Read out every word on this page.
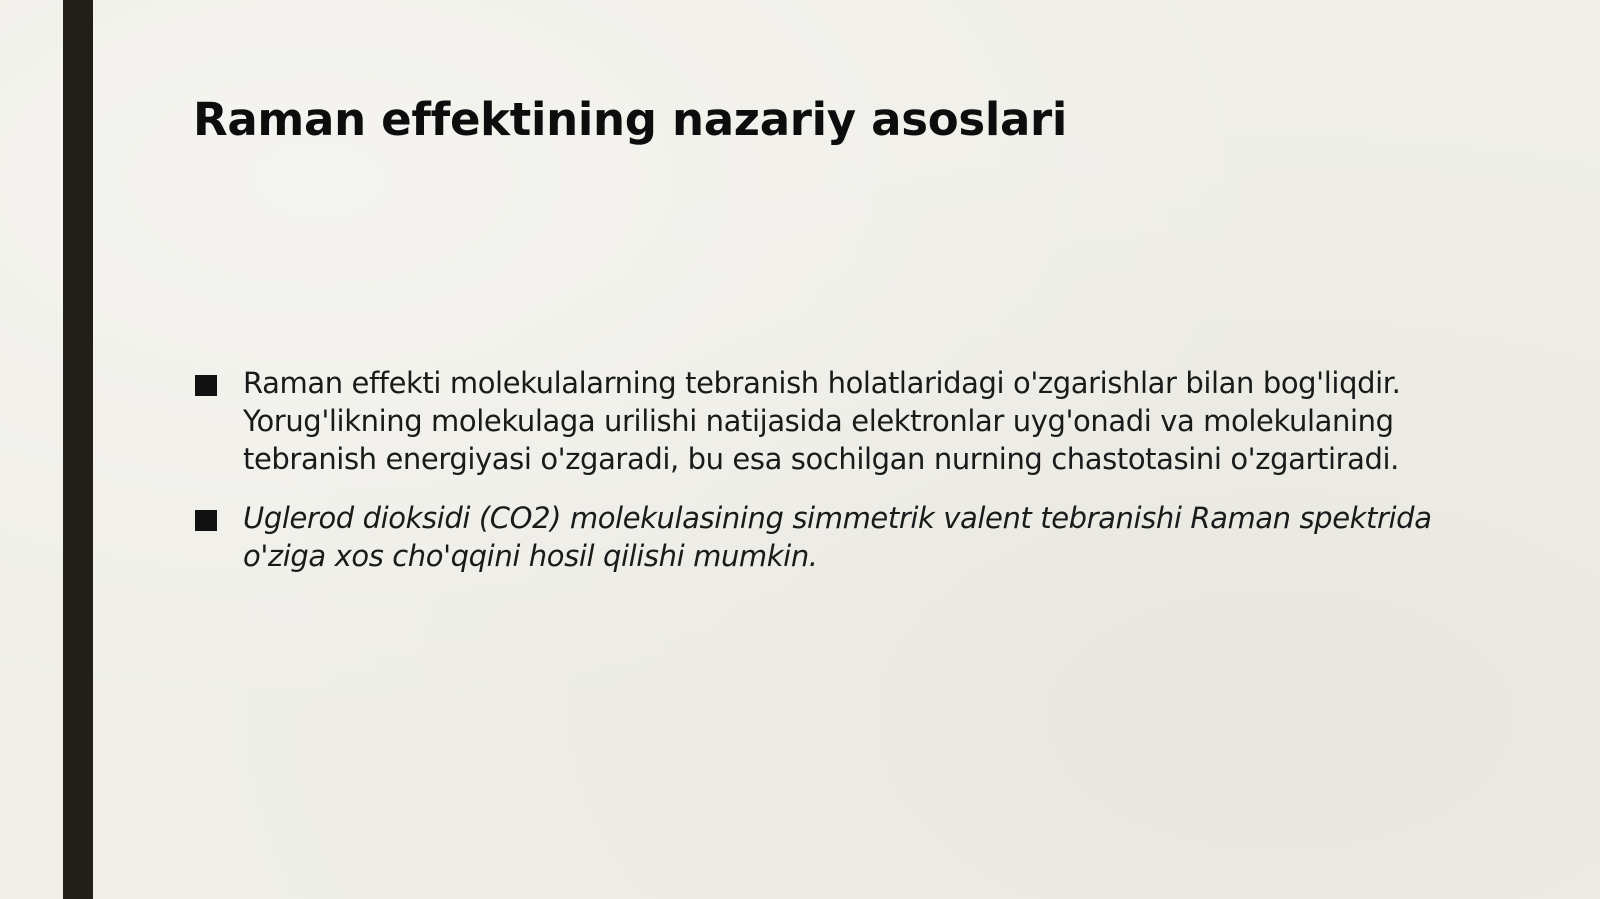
Raman effektining nazariy asoslari
Raman effekti molekulalarning tebranish holatlaridagi o'zgarishlar bilan bog'liqdir. Yorug'likning molekulaga urilishi natijasida elektronlar uyg'onadi va molekulaning tebranish energiyasi o'zgaradi, bu esa sochilgan nurning chastotasini o'zgartiradi.
Uglerod dioksidi (CO2) molekulasining simmetrik valent tebranishi Raman spektrida o'ziga xos cho'qqini hosil qilishi mumkin.
